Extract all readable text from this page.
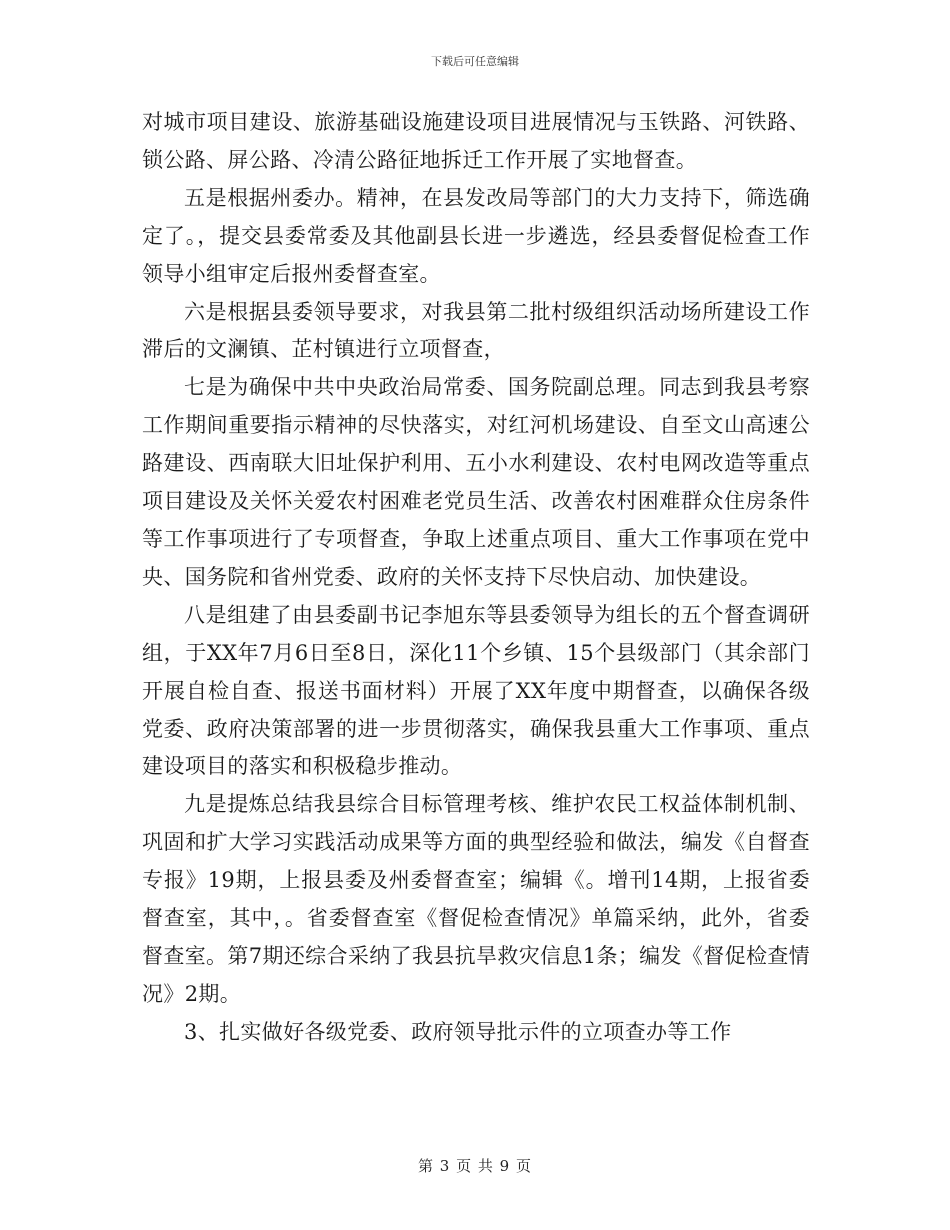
下载后可任意编辑

对城市项目建设、旅游基础设施建设项目进展情况与玉铁路、河铁路、锁公路、屏公路、冷清公路征地拆迁工作开展了实地督查。

五是根据州委办。精神，在县发改局等部门的大力支持下，筛选确定了。，提交县委常委及其他副县长进一步遴选，经县委督促检查工作领导小组审定后报州委督查室。

六是根据县委领导要求，对我县第二批村级组织活动场所建设工作滞后的文澜镇、芷村镇进行立项督查，

七是为确保中共中央政治局常委、国务院副总理。同志到我县考察工作期间重要指示精神的尽快落实，对红河机场建设、自至文山高速公路建设、西南联大旧址保护利用、五小水利建设、农村电网改造等重点项目建设及关怀关爱农村困难老党员生活、改善农村困难群众住房条件等工作事项进行了专项督查，争取上述重点项目、重大工作事项在党中央、国务院和省州党委、政府的关怀支持下尽快启动、加快建设。

八是组建了由县委副书记李旭东等县委领导为组长的五个督查调研组，于XX年7月6日至8日，深化11个乡镇、15个县级部门（其余部门开展自检自查、报送书面材料）开展了XX年度中期督查，以确保各级党委、政府决策部署的进一步贯彻落实，确保我县重大工作事项、重点建设项目的落实和积极稳步推动。

九是提炼总结我县综合目标管理考核、维护农民工权益体制机制、巩固和扩大学习实践活动成果等方面的典型经验和做法，编发《自督查专报》19期，上报县委及州委督查室；编辑《。增刊14期，上报省委督查室，其中，。省委督查室《督促检查情况》单篇采纳，此外，省委督查室。第7期还综合采纳了我县抗旱救灾信息1条；编发《督促检查情况》2期。

3、扎实做好各级党委、政府领导批示件的立项查办等工作

第 3 页 共 9 页
